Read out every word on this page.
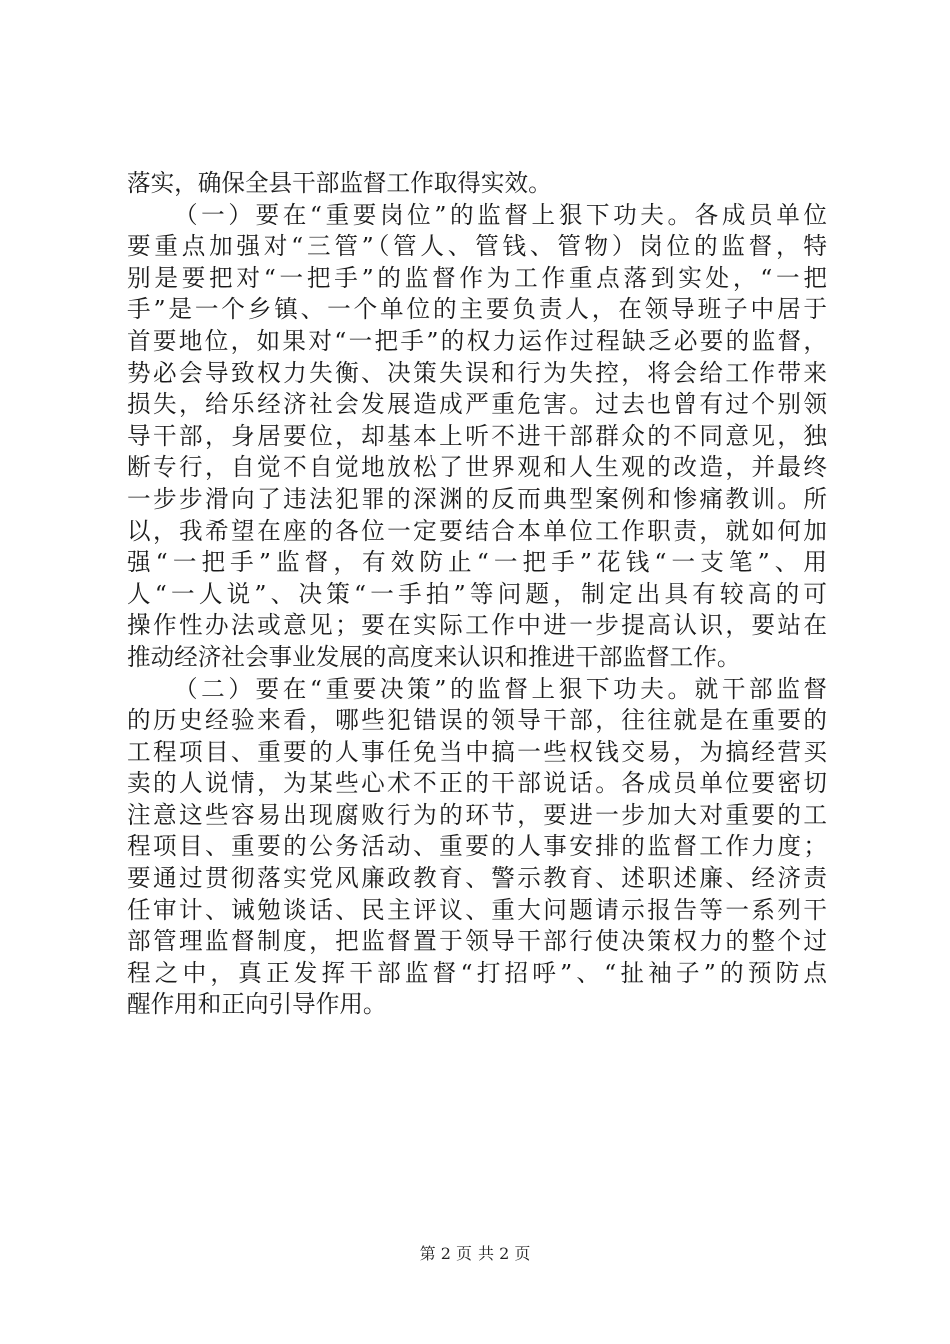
落实，确保全县干部监督工作取得实效。
（一）要在“重要岗位”的监督上狠下功夫。各成员单位
要重点加强对“三管”（管人、管钱、管物）岗位的监督，特
别是要把对“一把手”的监督作为工作重点落到实处，“一把
手”是一个乡镇、一个单位的主要负责人，在领导班子中居于
首要地位，如果对“一把手”的权力运作过程缺乏必要的监督，
势必会导致权力失衡、决策失误和行为失控，将会给工作带来
损失，给乐经济社会发展造成严重危害。过去也曾有过个别领
导干部，身居要位，却基本上听不进干部群众的不同意见，独
断专行，自觉不自觉地放松了世界观和人生观的改造，并最终
一步步滑向了违法犯罪的深渊的反而典型案例和惨痛教训。所
以，我希望在座的各位一定要结合本单位工作职责，就如何加
强“一把手”监督，有效防止“一把手”花钱“一支笔”、用
人“一人说”、决策“一手拍”等问题，制定出具有较高的可
操作性办法或意见；要在实际工作中进一步提高认识，要站在
推动经济社会事业发展的高度来认识和推进干部监督工作。
（二）要在“重要决策”的监督上狠下功夫。就干部监督
的历史经验来看，哪些犯错误的领导干部，往往就是在重要的
工程项目、重要的人事任免当中搞一些权钱交易，为搞经营买
卖的人说情，为某些心术不正的干部说话。各成员单位要密切
注意这些容易出现腐败行为的环节，要进一步加大对重要的工
程项目、重要的公务活动、重要的人事安排的监督工作力度；
要通过贯彻落实党风廉政教育、警示教育、述职述廉、经济责
任审计、诫勉谈话、民主评议、重大问题请示报告等一系列干
部管理监督制度，把监督置于领导干部行使决策权力的整个过
程之中，真正发挥干部监督“打招呼”、“扯袖子”的预防点
醒作用和正向引导作用。
第 2 页 共 2 页
